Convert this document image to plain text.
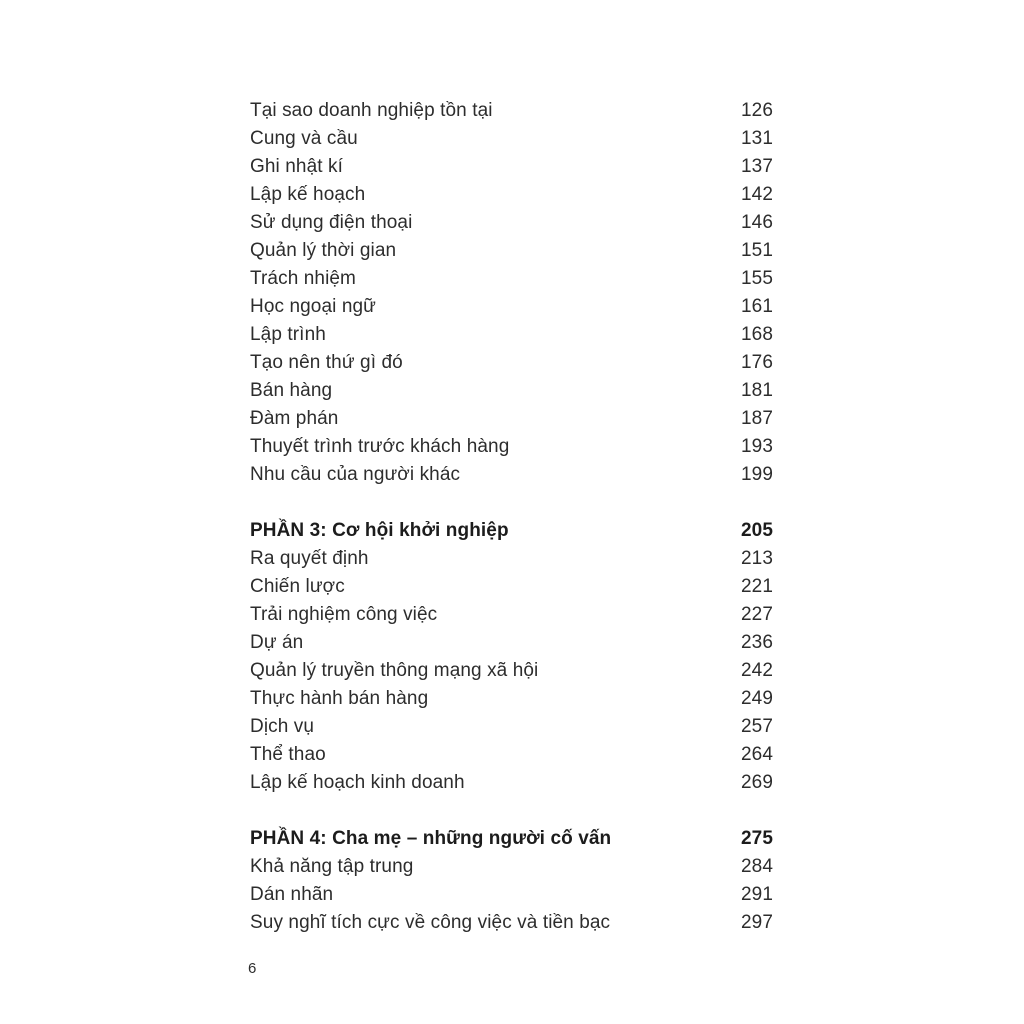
Tại sao doanh nghiệp tồn tại	126
Cung và cầu	131
Ghi nhật kí	137
Lập kế hoạch	142
Sử dụng điện thoại	146
Quản lý thời gian	151
Trách nhiệm	155
Học ngoại ngữ	161
Lập trình	168
Tạo nên thứ gì đó	176
Bán hàng	181
Đàm phán	187
Thuyết trình trước khách hàng	193
Nhu cầu của người khác	199
PHẦN 3: Cơ hội khởi nghiệp	205
Ra quyết định	213
Chiến lược	221
Trải nghiệm công việc	227
Dự án	236
Quản lý truyền thông mạng xã hội	242
Thực hành bán hàng	249
Dịch vụ	257
Thể thao	264
Lập kế hoạch kinh doanh	269
PHẦN 4: Cha mẹ – những người cố vấn	275
Khả năng tập trung	284
Dán nhãn	291
Suy nghĩ tích cực về công việc và tiền bạc	297
6
